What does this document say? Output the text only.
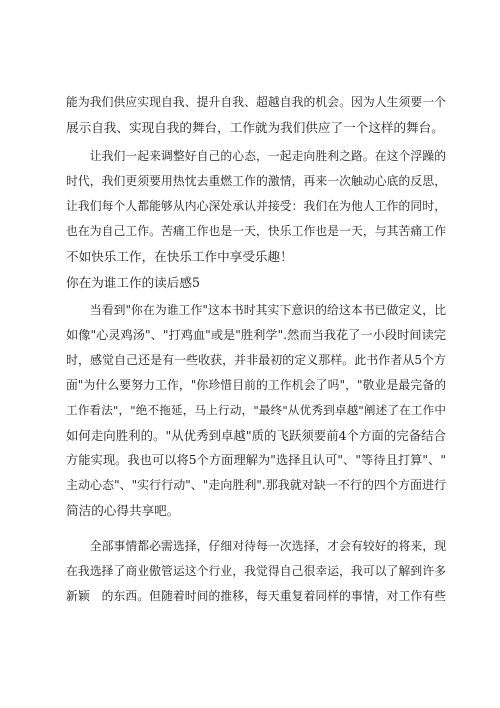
能为我们供应实现自我、提升自我、超越自我的机会。因为人生须要一个
展示自我、实现自我的舞台，工作就为我们供应了一个这样的舞台。
　　让我们一起来调整好自己的心态，一起走向胜利之路。在这个浮躁的
时代，我们更须要用热忱去重燃工作的激情，再来一次触动心底的反思，
让我们每个人都能够从内心深处承认并接受：我们在为他人工作的同时，
也在为自己工作。苦痛工作也是一天，快乐工作也是一天，与其苦痛工作
不如快乐工作，在快乐工作中享受乐趣！
你在为谁工作的读后感5
　　当看到"你在为谁工作"这本书时其实下意识的给这本书已做定义，比
如像"心灵鸡汤"、"打鸡血"或是"胜利学".然而当我花了一小段时间读完
时，感觉自己还是有一些收获，并非最初的定义那样。此书作者从5个方
面"为什么要努力工作，"你珍惜目前的工作机会了吗"，"敬业是最完备的
工作看法"，"绝不拖延，马上行动，"最终"从优秀到卓越"阐述了在工作中
如何走向胜利的。"从优秀到卓越"质的飞跃须要前4个方面的完备结合
方能实现。我也可以将5个方面理解为"选择且认可"、"等待且打算"、"
主动心态"、"实行行动"、"走向胜利".那我就对缺一不行的四个方面进行
简洁的心得共享吧。
　　全部事情都必需选择，仔细对待每一次选择，才会有较好的将来，现
在我选择了商业傲管运这个行业，我觉得自己很幸运，我可以了解到许多
新颖　的东西。但随着时间的推移，每天重复着同样的事情，对工作有些
